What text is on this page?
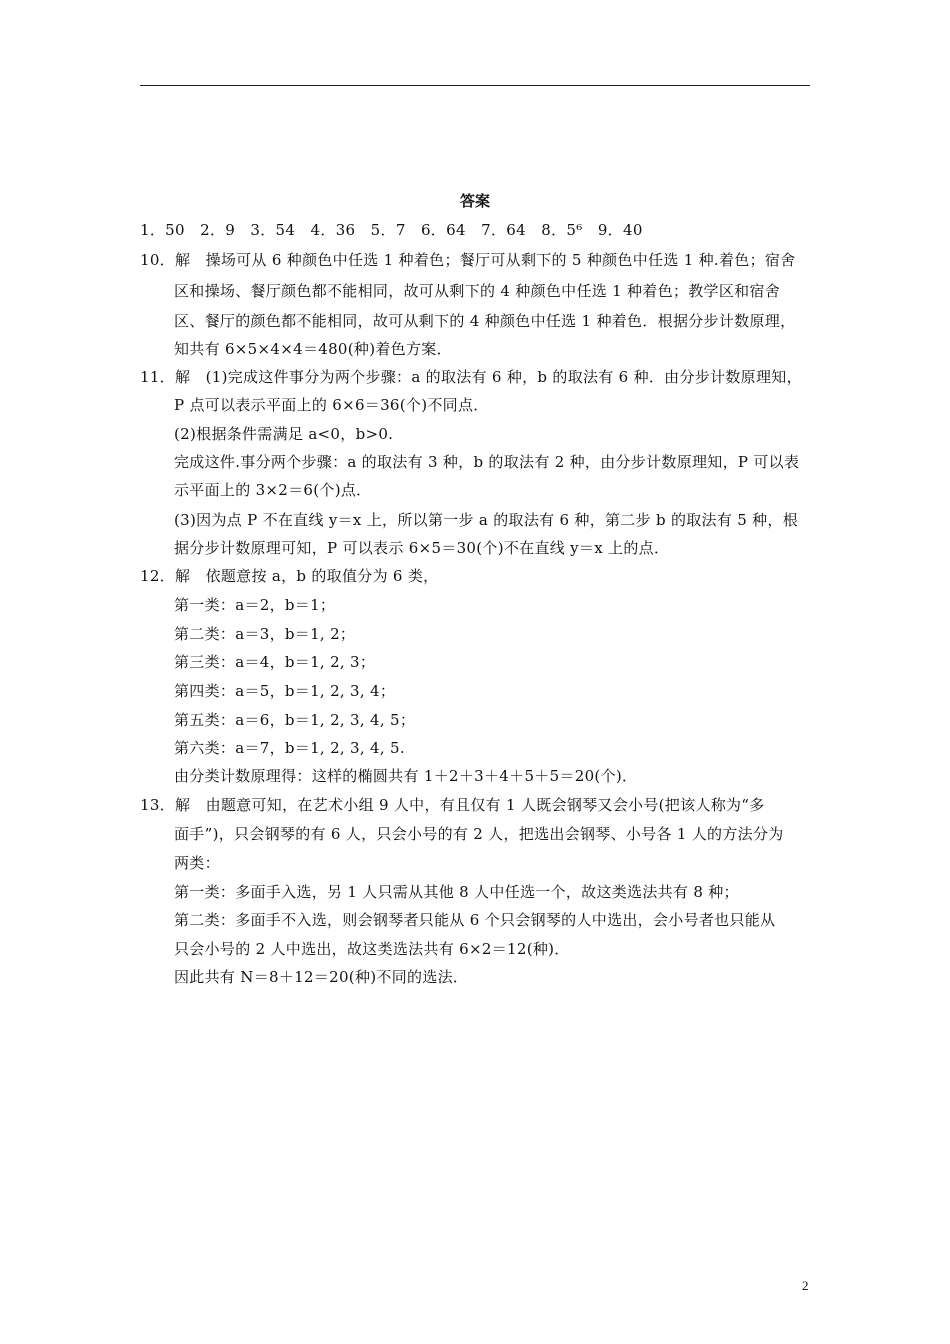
答案
1．50　2．9　3．54　4．36　5．7　6．64　7．64　8．5⁶　9．40
10．解　操场可从 6 种颜色中任选 1 种着色；餐厅可从剩下的 5 种颜色中任选 1 种.着色；宿舍
区和操场、餐厅颜色都不能相同，故可从剩下的 4 种颜色中任选 1 种着色；教学区和宿舍
区、餐厅的颜色都不能相同，故可从剩下的 4 种颜色中任选 1 种着色．根据分步计数原理，
知共有 6×5×4×4＝480(种)着色方案．
11．解　(1)完成这件事分为两个步骤：a 的取法有 6 种，b 的取法有 6 种．由分步计数原理知，
P 点可以表示平面上的 6×6＝36(个)不同点．
(2)根据条件需满足 a<0，b>0.
完成这件.事分两个步骤：a 的取法有 3 种，b 的取法有 2 种，由分步计数原理知，P 可以表
示平面上的 3×2＝6(个)点．
(3)因为点 P 不在直线 y＝x 上，所以第一步 a 的取法有 6 种，第二步 b 的取法有 5 种，根
据分步计数原理可知，P 可以表示 6×5＝30(个)不在直线 y＝x 上的点．
12．解　依题意按 a，b 的取值分为 6 类，
第一类：a＝2，b＝1；
第二类：a＝3，b＝1, 2；
第三类：a＝4，b＝1, 2, 3；
第四类：a＝5，b＝1, 2, 3, 4；
第五类：a＝6，b＝1, 2, 3, 4, 5；
第六类：a＝7，b＝1, 2, 3, 4, 5.
由分类计数原理得：这样的椭圆共有 1＋2＋3＋4＋5＋5＝20(个)．
13．解　由题意可知，在艺术小组 9 人中，有且仅有 1 人既会钢琴又会小号(把该人称为“多
面手”)，只会钢琴的有 6 人，只会小号的有 2 人，把选出会钢琴、小号各 1 人的方法分为
两类：
第一类：多面手入选，另 1 人只需从其他 8 人中任选一个，故这类选法共有 8 种；
第二类：多面手不入选，则会钢琴者只能从 6 个只会钢琴的人中选出，会小号者也只能从
只会小号的 2 人中选出，故这类选法共有 6×2＝12(种)．
因此共有 N＝8＋12＝20(种)不同的选法．
2
